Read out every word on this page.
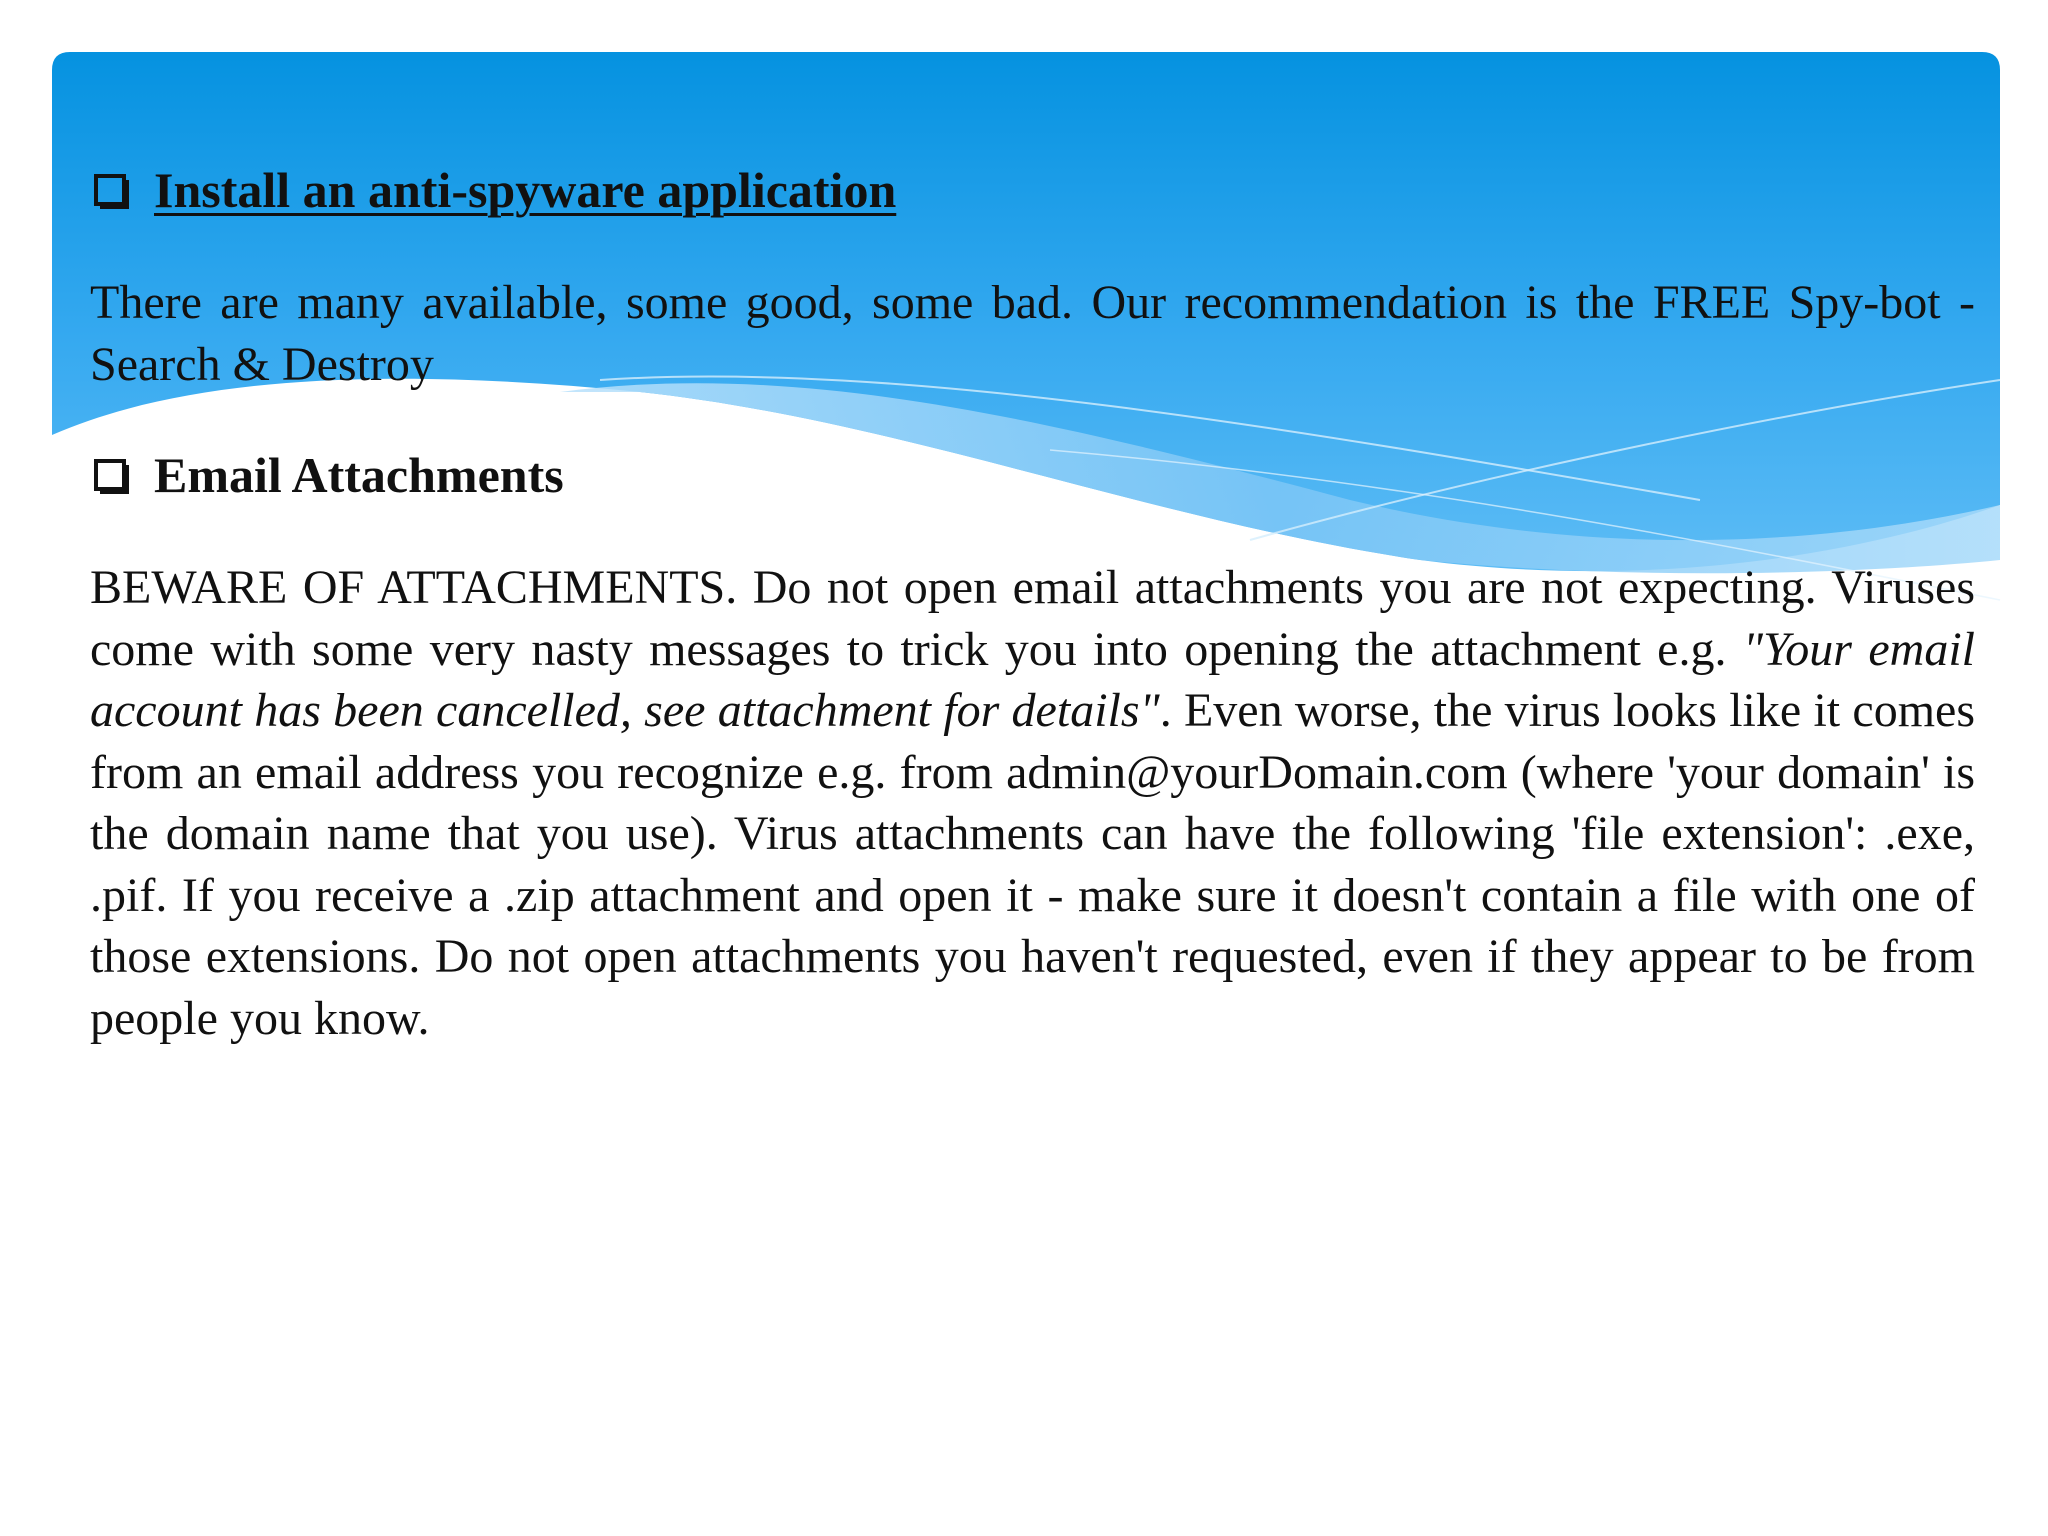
Install an anti-spyware application

There are many available, some good, some bad. Our recommendation is the FREE Spy-bot - Search & Destroy

Email Attachments

BEWARE OF ATTACHMENTS. Do not open email attachments you are not expecting. Viruses come with some very nasty messages to trick you into opening the attachment e.g. "Your email account has been cancelled, see attachment for details". Even worse, the virus looks like it comes from an email address you recognize e.g. from admin@yourDomain.com (where 'your domain' is the domain name that you use). Virus attachments can have the following 'file extension': .exe, .pif. If you receive a .zip attachment and open it - make sure it doesn't contain a file with one of those extensions. Do not open attachments you haven't requested, even if they appear to be from people you know.
